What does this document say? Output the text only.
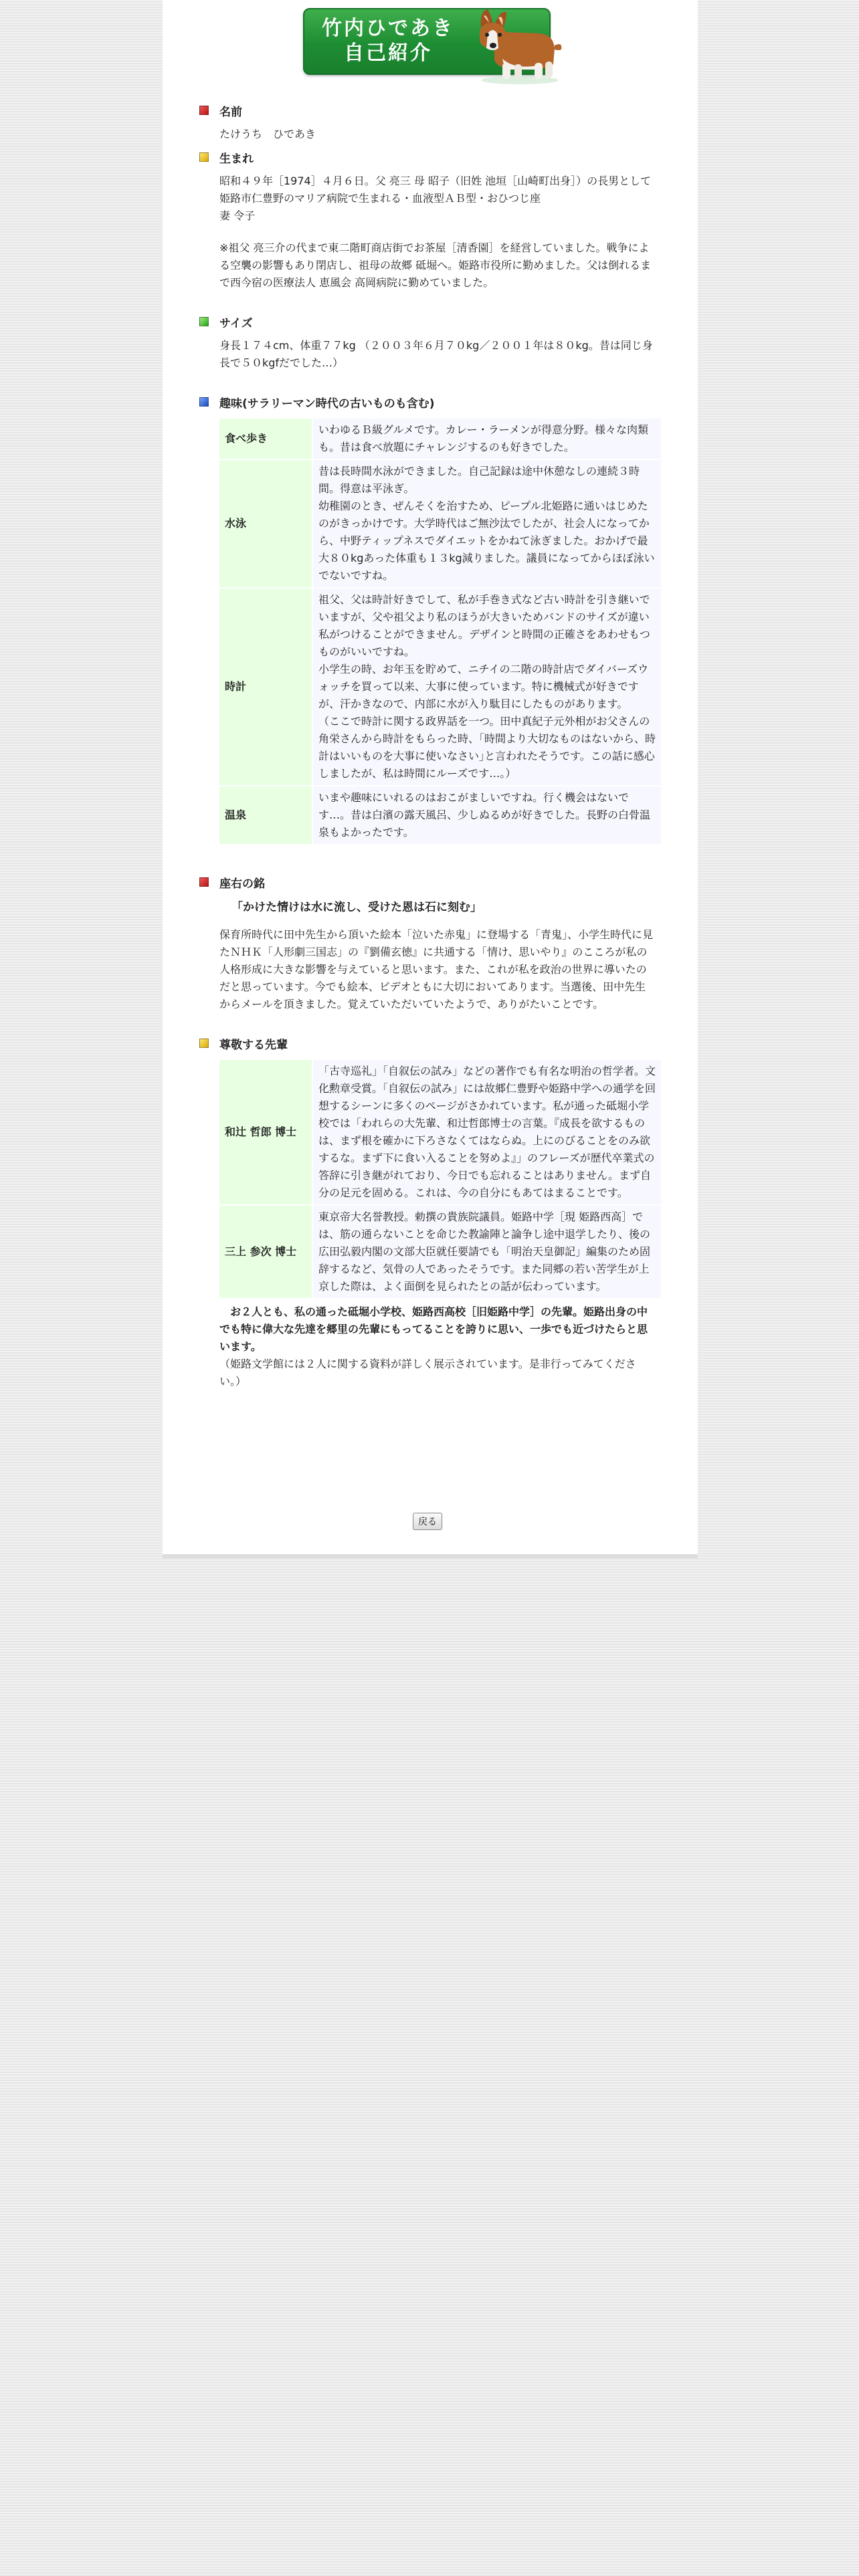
竹内ひであき
自己紹介
名前

たけうち　ひであき

生まれ

昭和４９年［1974］４月６日。父 亮三 母 昭子（旧姓 池垣［山崎町出身］）の長男として

姫路市仁豊野のマリア病院で生まれる・血液型ＡＢ型・おひつじ座

妻 令子

※祖父 亮三介の代まで東二階町商店街でお茶屋［清香園］を経営していました。戦争による空襲の影響もあり閉店し、祖母の故郷 砥堀へ。姫路市役所に勤めました。父は倒れるまで西今宿の医療法人 恵風会 高岡病院に勤めていました。

サイズ

身長１７４cm、体重７７kg （２００３年６月７０kg／２００１年は８０kg。昔は同じ身長で５０kgfだでした…）

趣味(サラリーマン時代の古いものも含む)
食べ歩き	いわゆるＢ級グルメです。カレー・ラーメンが得意分野。様々な肉類も。昔は食べ放題にチャレンジするのも好きでした。
水泳	昔は長時間水泳ができました。自己記録は途中休憩なしの連続３時間。得意は平泳ぎ。
幼稚園のとき、ぜんそくを治すため、ピープル北姫路に通いはじめたのがきっかけです。大学時代はご無沙汰でしたが、社会人になってから、中野ティップネスでダイエットをかねて泳ぎました。おかげで最大８０kgあった体重も１３kg減りました。議員になってからほぼ泳いでないですね。
時計	祖父、父は時計好きでして、私が手巻き式など古い時計を引き継いでいますが、父や祖父より私のほうが大きいためバンドのサイズが違い私がつけることができません。デザインと時間の正確さをあわせもつものがいいですね。
小学生の時、お年玉を貯めて、ニチイの二階の時計店でダイバーズウォッチを買って以来、大事に使っています。特に機械式が好きですが、汗かきなので、内部に水が入り駄目にしたものがあります。
（ここで時計に関する政界話を一つ。田中真紀子元外相がお父さんの角栄さんから時計をもらった時、｢時間より大切なものはないから、時計はいいものを大事に使いなさい｣と言われたそうです。この話に感心しましたが、私は時間にルーズです…。）
温泉	いまや趣味にいれるのはおこがましいですね。行く機会はないです…。昔は白濱の露天風呂、少しぬるめが好きでした。長野の白骨温泉もよかったです。
座右の銘
「かけた情けは水に流し、受けた恩は石に刻む」

保育所時代に田中先生から頂いた絵本「泣いた赤鬼」に登場する「青鬼」、小学生時代に見たＮＨＫ「人形劇三国志」の『劉備玄徳』に共通する「情け、思いやり』のこころが私の人格形成に大きな影響を与えていると思います。また、これが私を政治の世界に導いたのだと思っています。今でも絵本、ビデオともに大切においてあります。当選後、田中先生からメールを頂きました。覚えていただいていたようで、ありがたいことです。

尊敬する先輩
和辻 哲郎 博士	「古寺巡礼」「自叙伝の試み」などの著作でも有名な明治の哲学者。文化勲章受賞。「自叙伝の試み」には故郷仁豊野や姫路中学への通学を回想するシーンに多くのページがさかれています。私が通った砥堀小学校では「われらの大先輩、和辻哲郎博士の言葉。『成長を欲するものは、まず根を確かに下ろさなくてはならぬ。上にのびることをのみ欲するな。まず下に食い入ることを努めよ』」のフレーズが歴代卒業式の答辞に引き継がれており、今日でも忘れることはありません。まず自分の足元を固める。これは、今の自分にもあてはまることです。
三上 参次 博士	東京帝大名誉教授。勅撰の貴族院議員。姫路中学［現 姫路西高］では、筋の通らないことを命じた教諭陣と論争し途中退学したり、後の広田弘毅内閣の文部大臣就任要請でも「明治天皇御記」編集のため固辞するなど、気骨の人であったそうです。また同郷の若い苦学生が上京した際は、よく面倒を見られたとの話が伝わっています。

お２人とも、私の通った砥堀小学校、姫路西高校［旧姫路中学］の先輩。姫路出身の中でも特に偉大な先達を郷里の先輩にもってることを誇りに思い、一歩でも近づけたらと思います。

（姫路文学館には２人に関する資料が詳しく展示されています。是非行ってみてください。）

戻る
